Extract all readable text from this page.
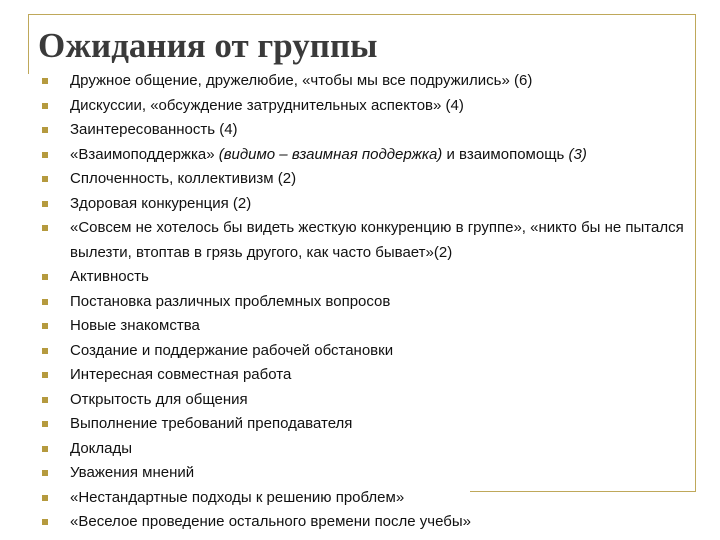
Ожидания от группы
Дружное общение, дружелюбие, «чтобы мы все подружились» (6)
Дискуссии, «обсуждение затруднительных аспектов» (4)
Заинтересованность (4)
«Взаимоподдержка» (видимо – взаимная поддержка) и взаимопомощь (3)
Сплоченность, коллективизм (2)
Здоровая конкуренция (2)
«Совсем не хотелось бы видеть жесткую конкуренцию в группе», «никто бы не пытался вылезти, втоптав в грязь другого, как часто бывает»(2)
Активность
Постановка различных проблемных вопросов
Новые знакомства
Создание и поддержание рабочей обстановки
Интересная совместная работа
Открытость для общения
Выполнение требований преподавателя
Доклады
Уважения мнений
«Нестандартные подходы к решению проблем»
«Веселое проведение остального времени после учебы»
